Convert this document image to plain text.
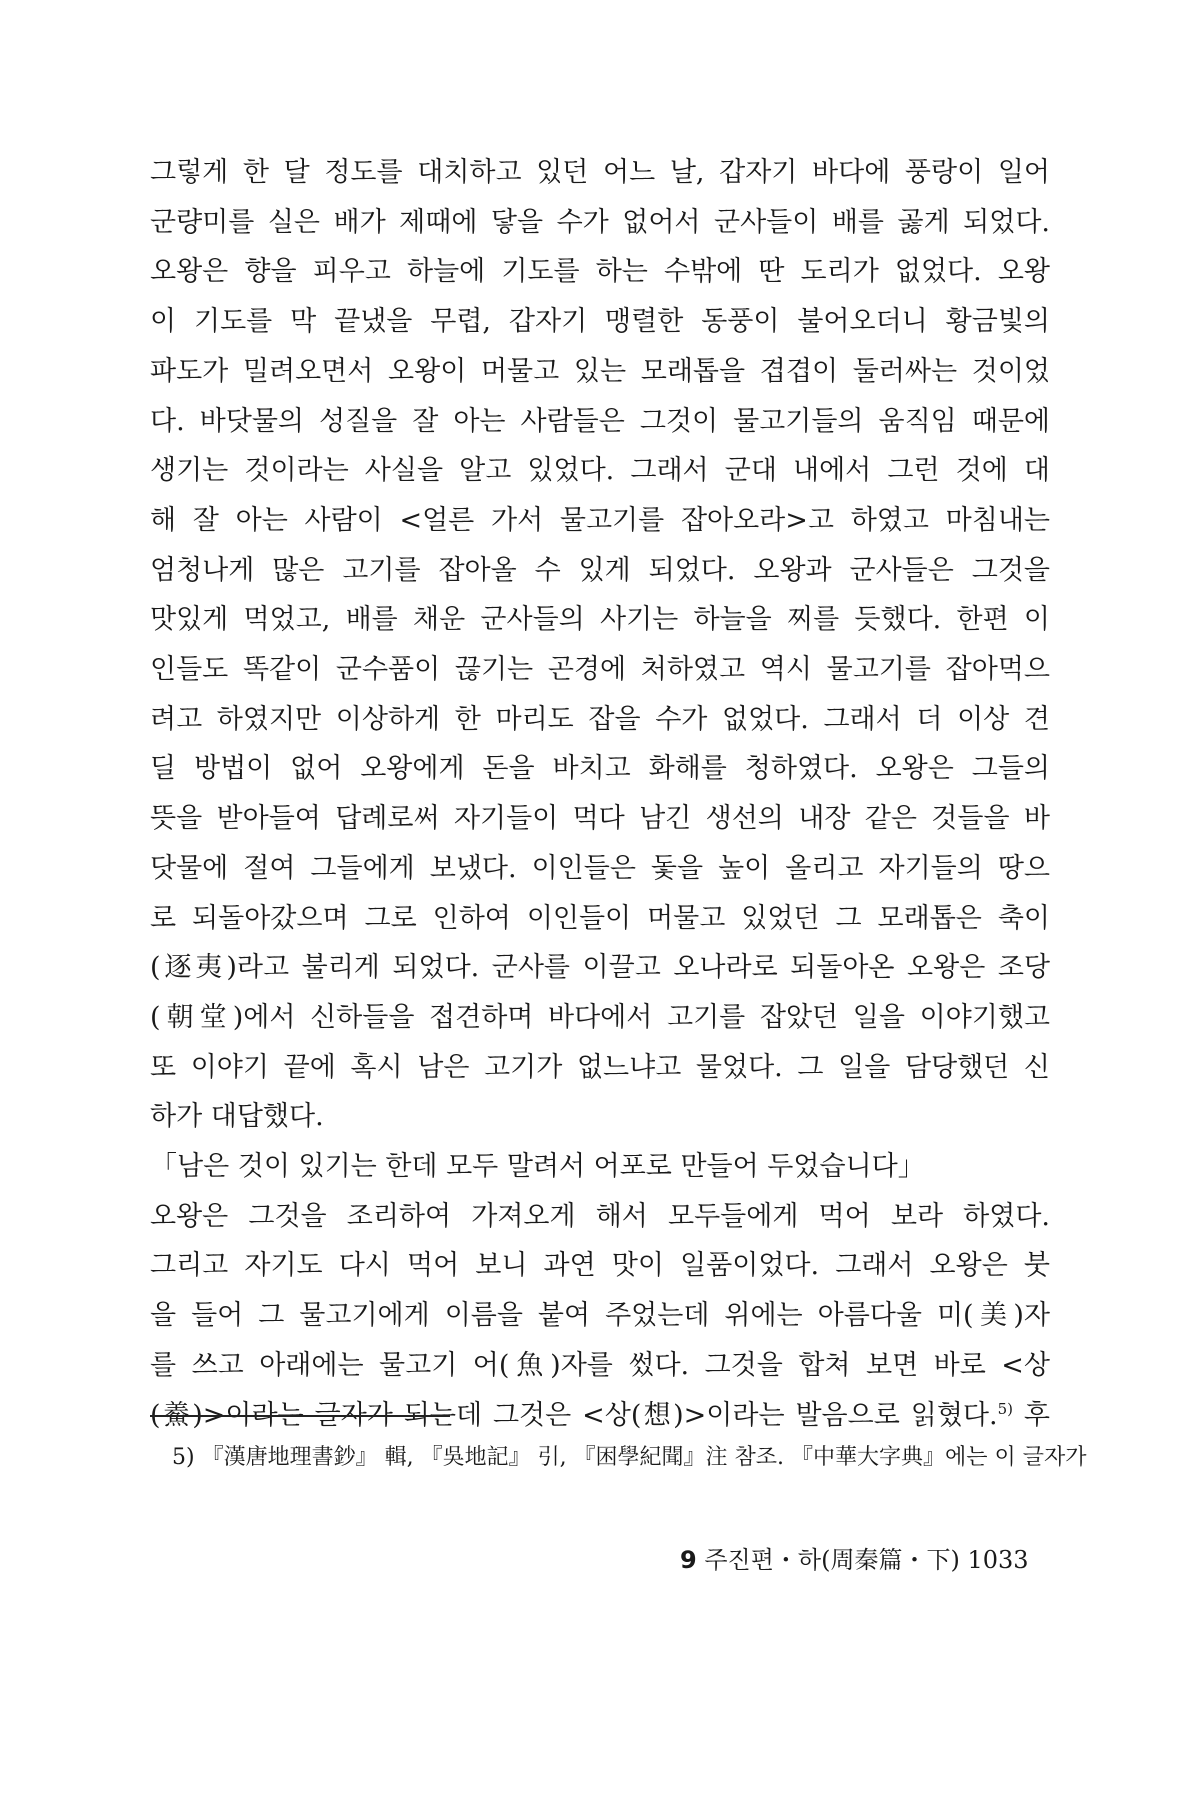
그렇게 한 달 정도를 대치하고 있던 어느 날, 갑자기 바다에 풍랑이 일어
군량미를 실은 배가 제때에 닿을 수가 없어서 군사들이 배를 곯게 되었다.
오왕은 향을 피우고 하늘에 기도를 하는 수밖에 딴 도리가 없었다. 오왕
이 기도를 막 끝냈을 무렵, 갑자기 맹렬한 동풍이 불어오더니 황금빛의
파도가 밀려오면서 오왕이 머물고 있는 모래톱을 겹겹이 둘러싸는 것이었
다. 바닷물의 성질을 잘 아는 사람들은 그것이 물고기들의 움직임 때문에
생기는 것이라는 사실을 알고 있었다. 그래서 군대 내에서 그런 것에 대
해 잘 아는 사람이 <얼른 가서 물고기를 잡아오라>고 하였고 마침내는
엄청나게 많은 고기를 잡아올 수 있게 되었다. 오왕과 군사들은 그것을
맛있게 먹었고, 배를 채운 군사들의 사기는 하늘을 찌를 듯했다. 한편 이
인들도 똑같이 군수품이 끊기는 곤경에 처하였고 역시 물고기를 잡아먹으
려고 하였지만 이상하게 한 마리도 잡을 수가 없었다. 그래서 더 이상 견
딜 방법이 없어 오왕에게 돈을 바치고 화해를 청하였다. 오왕은 그들의
뜻을 받아들여 답례로써 자기들이 먹다 남긴 생선의 내장 같은 것들을 바
닷물에 절여 그들에게 보냈다. 이인들은 돛을 높이 올리고 자기들의 땅으
로 되돌아갔으며 그로 인하여 이인들이 머물고 있었던 그 모래톱은 축이
(逐夷)라고 불리게 되었다. 군사를 이끌고 오나라로 되돌아온 오왕은 조당
(朝堂)에서 신하들을 접견하며 바다에서 고기를 잡았던 일을 이야기했고
또 이야기 끝에 혹시 남은 고기가 없느냐고 물었다. 그 일을 담당했던 신
하가 대답했다.
「남은 것이 있기는 한데 모두 말려서 어포로 만들어 두었습니다」
오왕은 그것을 조리하여 가져오게 해서 모두들에게 먹어 보라 하였다.
그리고 자기도 다시 먹어 보니 과연 맛이 일품이었다. 그래서 오왕은 붓
을 들어 그 물고기에게 이름을 붙여 주었는데 위에는 아름다울 미(美)자
를 쓰고 아래에는 물고기 어(魚)자를 썼다. 그것을 합쳐 보면 바로 <상
(鯗)>이라는 글자가 되는데 그것은 <상(想)>이라는 발음으로 읽혔다.$^{5)}$ 후
5) 『漢唐地理書鈔』 輯, 『吳地記』 引, 『困學紀聞』注 참조. 『中華大字典』에는 이 글자가
9 주진편・하(周秦篇・下) 1033
